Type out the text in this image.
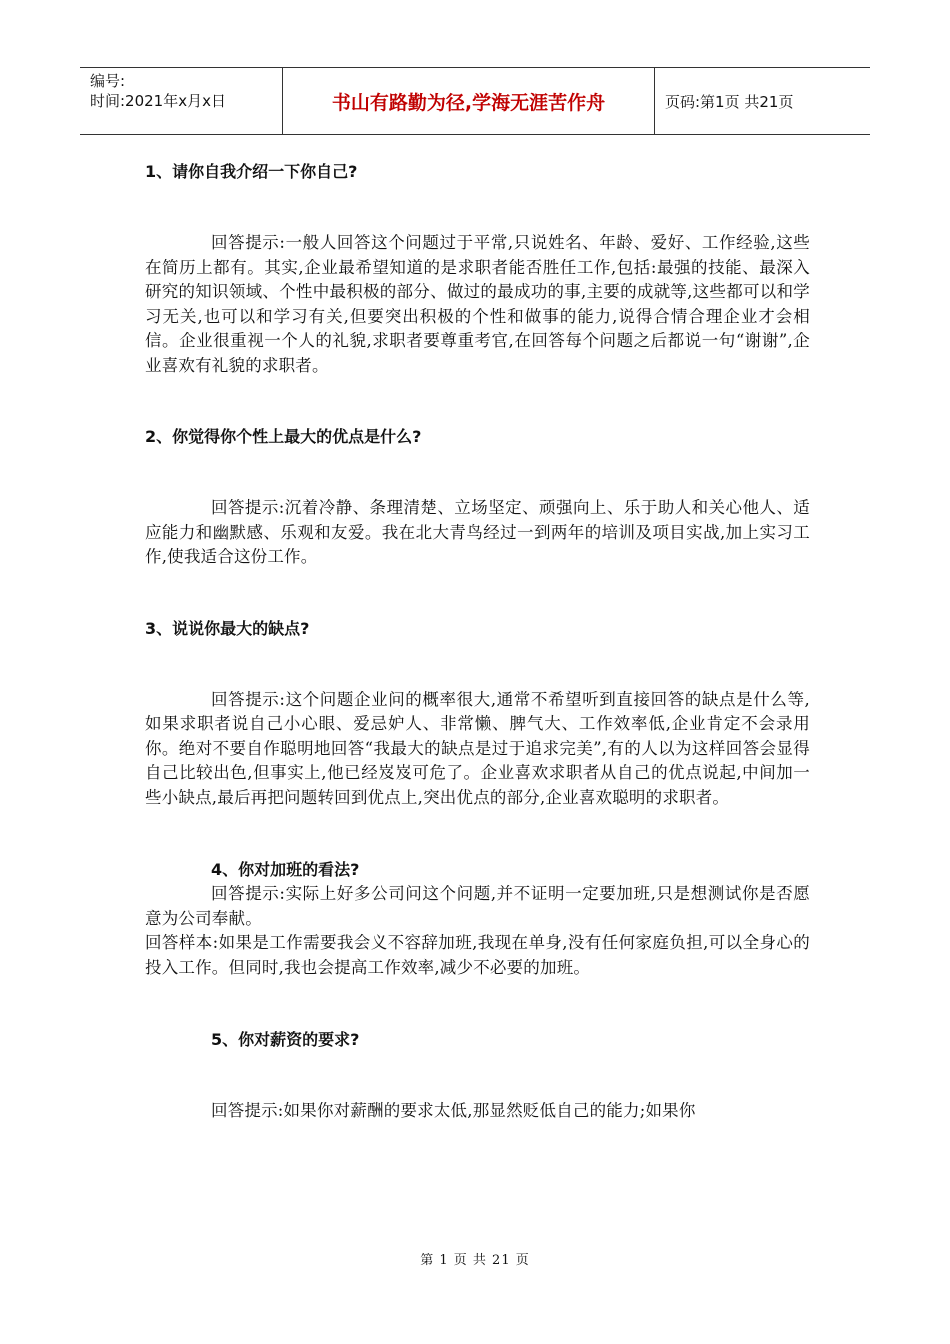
编号:
时间:2021年x月x日	书山有路勤为径,学海无涯苦作舟	页码:第1页 共21页

1、请你自我介绍一下你自己?

回答提示:一般人回答这个问题过于平常,只说姓名、年龄、爱好、工作经验,这些在简历上都有。其实,企业最希望知道的是求职者能否胜任工作,包括:最强的技能、最深入研究的知识领域、个性中最积极的部分、做过的最成功的事,主要的成就等,这些都可以和学习无关,也可以和学习有关,但要突出积极的个性和做事的能力,说得合情合理企业才会相信。企业很重视一个人的礼貌,求职者要尊重考官,在回答每个问题之后都说一句“谢谢”,企业喜欢有礼貌的求职者。

2、你觉得你个性上最大的优点是什么?

回答提示:沉着冷静、条理清楚、立场坚定、顽强向上、乐于助人和关心他人、适应能力和幽默感、乐观和友爱。我在北大青鸟经过一到两年的培训及项目实战,加上实习工作,使我适合这份工作。

3、说说你最大的缺点?

回答提示:这个问题企业问的概率很大,通常不希望听到直接回答的缺点是什么等,如果求职者说自己小心眼、爱忌妒人、非常懒、脾气大、工作效率低,企业肯定不会录用你。绝对不要自作聪明地回答“我最大的缺点是过于追求完美”,有的人以为这样回答会显得自己比较出色,但事实上,他已经岌岌可危了。企业喜欢求职者从自己的优点说起,中间加一些小缺点,最后再把问题转回到优点上,突出优点的部分,企业喜欢聪明的求职者。

4、你对加班的看法?

回答提示:实际上好多公司问这个问题,并不证明一定要加班,只是想测试你是否愿意为公司奉献。

回答样本:如果是工作需要我会义不容辞加班,我现在单身,没有任何家庭负担,可以全身心的投入工作。但同时,我也会提高工作效率,减少不必要的加班。

5、你对薪资的要求?

回答提示:如果你对薪酬的要求太低,那显然贬低自己的能力;如果你

第 1 页 共 21 页
